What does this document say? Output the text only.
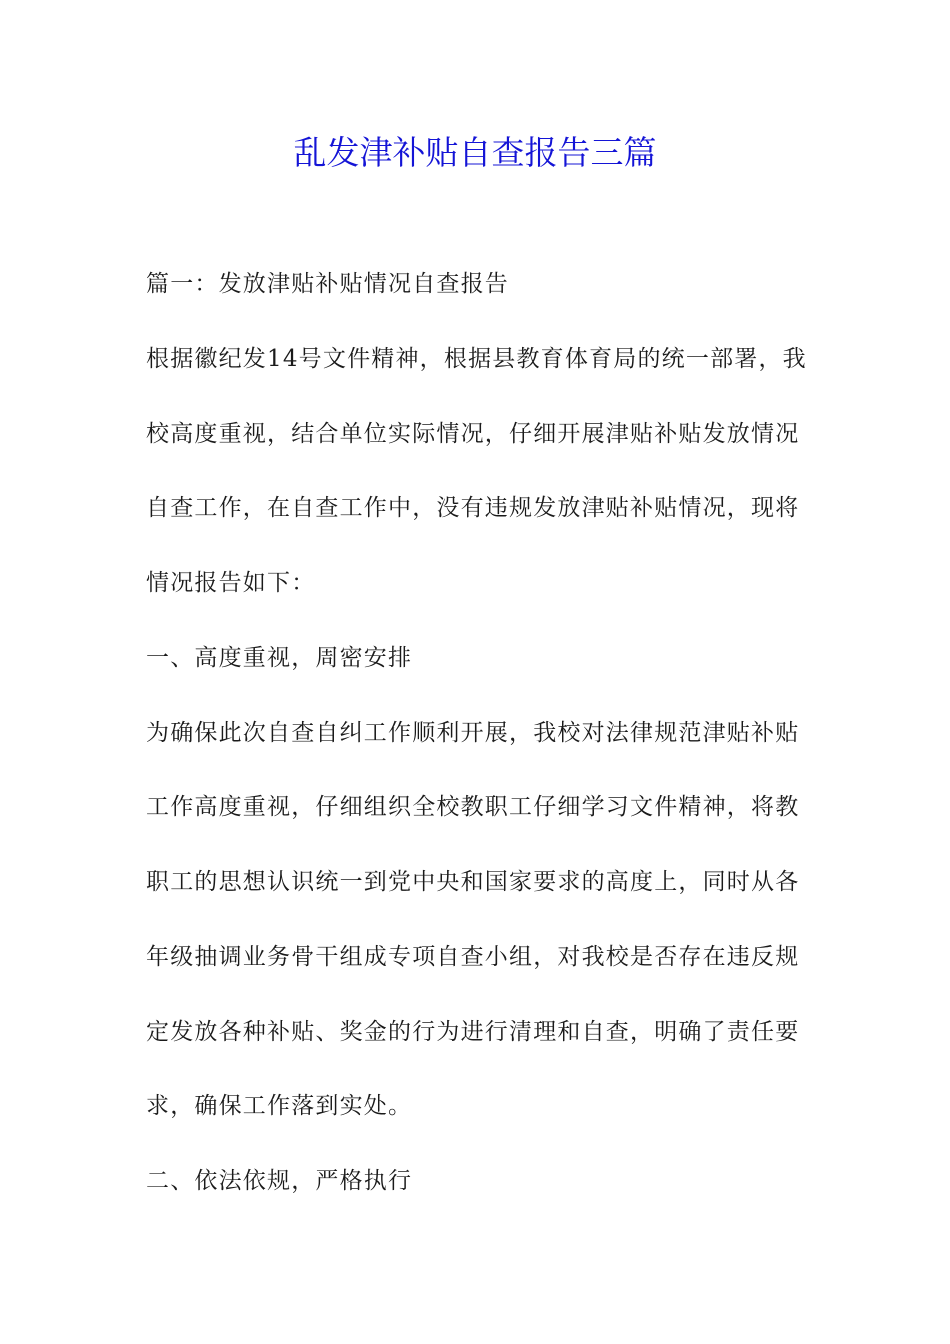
乱发津补贴自查报告三篇
篇一：发放津贴补贴情况自查报告
根据徽纪发14号文件精神，根据县教育体育局的统一部署，我
校高度重视，结合单位实际情况，仔细开展津贴补贴发放情况
自查工作，在自查工作中，没有违规发放津贴补贴情况，现将
情况报告如下：
一、高度重视，周密安排
为确保此次自查自纠工作顺利开展，我校对法律规范津贴补贴
工作高度重视，仔细组织全校教职工仔细学习文件精神，将教
职工的思想认识统一到党中央和国家要求的高度上，同时从各
年级抽调业务骨干组成专项自查小组，对我校是否存在违反规
定发放各种补贴、奖金的行为进行清理和自查，明确了责任要
求，确保工作落到实处。
二、依法依规，严格执行
